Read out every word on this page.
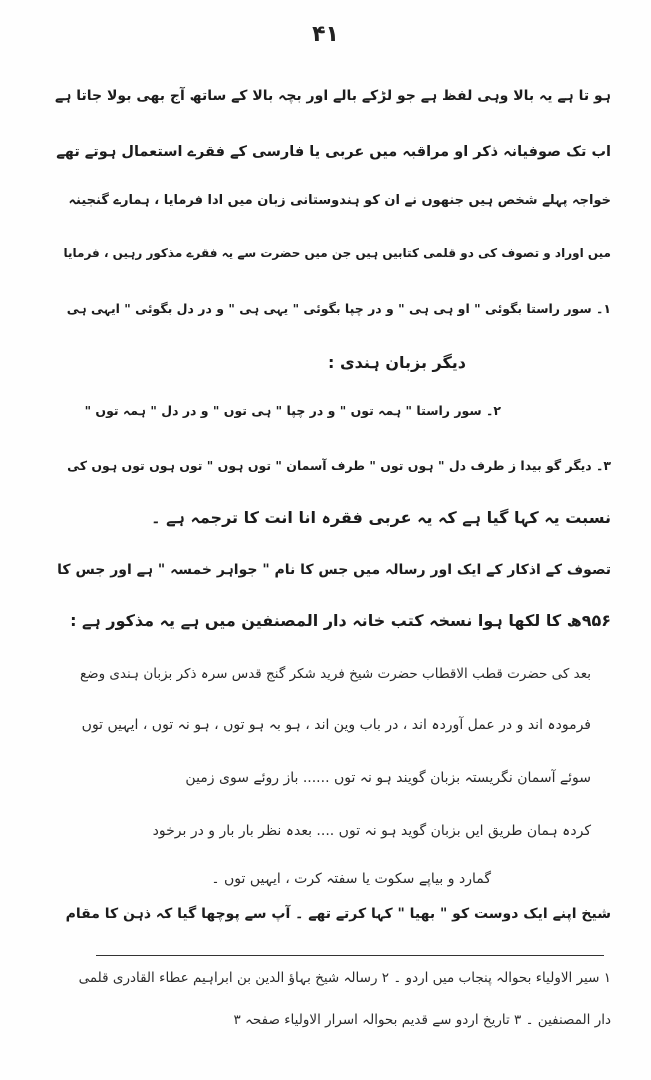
۴۱
ہو تا ہے یہ بالا وہی لفظ ہے جو لڑکے بالے اور بچہ بالا کے ساتھ آج بھی بولا جاتا ہے
اب تک صوفیانہ ذکر او مراقبہ میں عربی یا فارسی کے فقرے استعمال ہوتے تھے
خواجہ پہلے شخص ہیں جنھوں نے ان کو ہندوستانی زبان میں ادا فرمایا ، ہمارے گنجینہ
میں اوراد و تصوف کی دو قلمی کتابیں ہیں جن میں حضرت سے یہ فقرے مذکور رہیں ، فرمایا
۱۔ سور راستا بگوئی " او ہی ہی " و در چپا بگوئی " یہی ہی " و در دل بگوئی " ایہی ہی
دیگر بزبان ہندی :
۲۔ سور راستا " ہمہ توں " و در چپا " ہی توں " و در دل " ہمہ توں "
۳۔ دیگر گو بیدا ز طرف دل " ہوں توں " طرف آسمان " توں ہوں " توں ہوں توں ہوں کی
نسبت یہ کہا گیا ہے کہ یہ عربی فقرہ انا انت کا ترجمہ ہے ۔
تصوف کے اذکار کے ایک اور رسالہ میں جس کا نام " جواہر خمسہ " ہے اور جس کا
۹۵۶ھ کا لکھا ہوا نسخہ کتب خانہ دار المصنفین میں ہے یہ مذکور ہے :
بعد کی حضرت قطب الاقطاب حضرت شیخ فرید شکر گنج قدس سرہ ذکر بزبان ہندی وضع
فرمودہ اند و در عمل آوردہ اند ، در باب وین اند ، ہو بہ ہو توں ، ہو نہ توں ، ایہیں توں
سوئے آسمان نگریستہ بزبان گویند ہو نہ توں ...... باز روئے سوی زمین
کردہ ہمان طریق ایں بزبان گوید ہو نہ توں .... بعدہ نظر بار بار و در برخود
گمارد و بیاپے سکوت یا سفتہ کرت ، ایہیں توں ۔
شیخ اپنے ایک دوست کو " بھیا " کہا کرتے تھے ۔ آپ سے پوچھا گیا کہ ذہن کا مقام
۱ سیر الاولیاء بحوالہ پنجاب میں اردو ۔ ۲ رسالہ شیخ بہاؤ الدین بن ابراہیم عطاء القادری قلمی
دار المصنفین ۔ ۳ تاریخ اردو سے قدیم بحوالہ اسرار الاولیاء صفحہ ۳
